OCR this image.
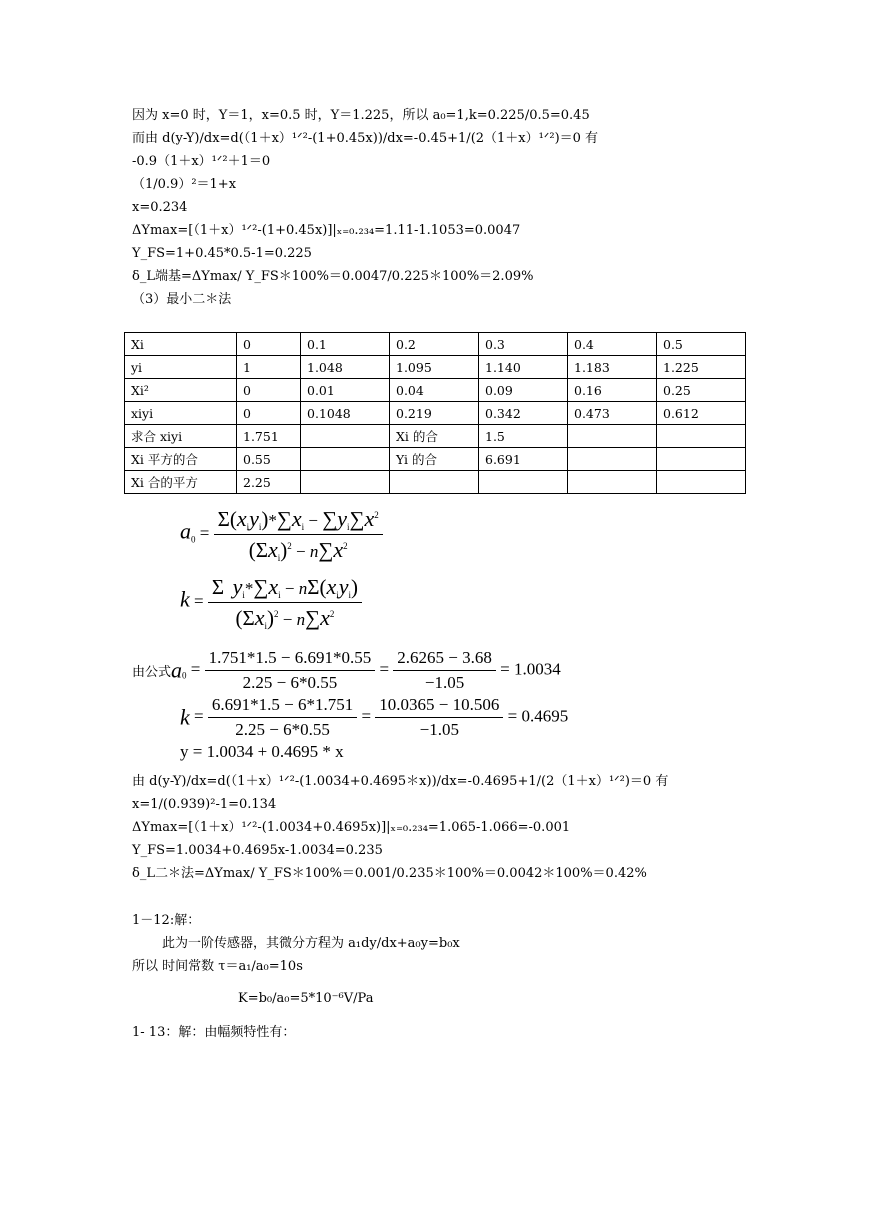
因为 x=0 时，Y＝1，x=0.5 时，Y＝1.225，所以 a₀=1,k=0.225/0.5=0.45
而由 d(y-Y)/dx=d(（1＋x）¹ᐟ²-(1+0.45x))/dx=-0.45+1/(2（1＋x）¹ᐟ²)＝0 有
-0.9（1＋x）¹ᐟ²＋1＝0
（1/0.9）²＝1+x
x=0.234
ΔYmax=[（1＋x）¹ᐟ²-(1+0.45x)]|ₓ₌₀.₂₃₄=1.11-1.1053=0.0047
Y_FS=1+0.45*0.5-1=0.225
δ_L端基=ΔYmax/ Y_FS＊100%＝0.0047/0.225＊100%＝2.09%
（3）最小二＊法
Xi	0	0.1	0.2	0.3	0.4	0.5
yi	1	1.048	1.095	1.140	1.183	1.225
Xi²	0	0.01	0.04	0.09	0.16	0.25
xiyi	0	0.1048	0.219	0.342	0.473	0.612
求合 xiyi	1.751		Xi 的合	1.5		
Xi 平方的合	0.55		Yi 的合	6.691		
Xi 合的平方	2.25					
$a_0 = \frac{\Sigma(x_iy_i)*\sum x_i - \sum y_i\sum x^2}{(\Sigma x_i)^2 - n\sum x^2}$
$k = \frac{\Sigma y_i*\sum x_i - n\Sigma(x_iy_i)}{(\Sigma x_i)^2 - n\sum x^2}$
由公式$a_0 = \frac{1.751*1.5 - 6.691*0.55}{2.25 - 6*0.55} = \frac{2.6265 - 3.68}{-1.05} = 1.0034$
$k = \frac{6.691*1.5 - 6*1.751}{2.25 - 6*0.55} = \frac{10.0365 - 10.506}{-1.05} = 0.4695$
y = 1.0034 + 0.4695 * x
由 d(y-Y)/dx=d(（1＋x）¹ᐟ²-(1.0034+0.4695＊x))/dx=-0.4695+1/(2（1＋x）¹ᐟ²)＝0 有
x=1/(0.939)²-1=0.134
ΔYmax=[（1＋x）¹ᐟ²-(1.0034+0.4695x)]|ₓ₌₀.₂₃₄=1.065-1.066=-0.001
Y_FS=1.0034+0.4695x-1.0034=0.235
δ_L二＊法=ΔYmax/ Y_FS＊100%＝0.001/0.235＊100%＝0.0042＊100%＝0.42%
1－12:解：
此为一阶传感器，其微分方程为 a₁dy/dx+a₀y=b₀x
所以 时间常数 τ＝a₁/a₀=10s
K=b₀/a₀=5*10⁻⁶V/Pa
1- 13：解：由幅频特性有：
